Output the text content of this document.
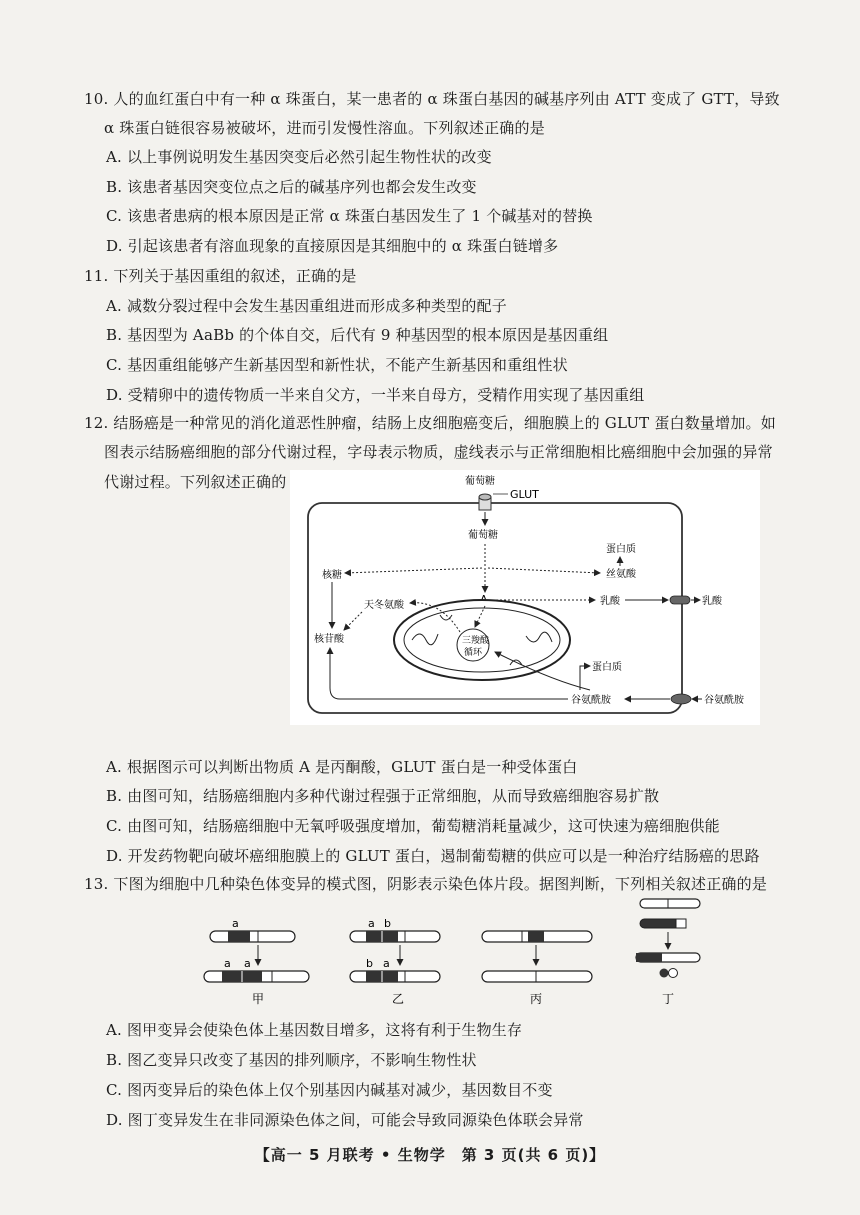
10. 人的血红蛋白中有一种 α 珠蛋白，某一患者的 α 珠蛋白基因的碱基序列由 ATT 变成了 GTT，导致
α 珠蛋白链很容易被破坏，进而引发慢性溶血。下列叙述正确的是
A. 以上事例说明发生基因突变后必然引起生物性状的改变
B. 该患者基因突变位点之后的碱基序列也都会发生改变
C. 该患者患病的根本原因是正常 α 珠蛋白基因发生了 1 个碱基对的替换
D. 引起该患者有溶血现象的直接原因是其细胞中的 α 珠蛋白链增多
11. 下列关于基因重组的叙述，正确的是
A. 减数分裂过程中会发生基因重组进而形成多种类型的配子
B. 基因型为 AaBb 的个体自交，后代有 9 种基因型的根本原因是基因重组
C. 基因重组能够产生新基因型和新性状，不能产生新基因和重组性状
D. 受精卵中的遗传物质一半来自父方，一半来自母方，受精作用实现了基因重组
12. 结肠癌是一种常见的消化道恶性肿瘤，结肠上皮细胞癌变后，细胞膜上的 GLUT 蛋白数量增加。如
图表示结肠癌细胞的部分代谢过程，字母表示物质，虚线表示与正常细胞相比癌细胞中会加强的异常
代谢过程。下列叙述正确的	葡萄糖
GLUT
葡萄糖
核糖	丝氨酸
蛋白质
乳酸	乳酸
核苷酸
天冬氨酸
三羧酸
循环
谷氨酰胺
谷氨酰胺
蛋白质
A. 根据图示可以判断出物质 A 是丙酮酸，GLUT 蛋白是一种受体蛋白
B. 由图可知，结肠癌细胞内多种代谢过程强于正常细胞，从而导致癌细胞容易扩散
C. 由图可知，结肠癌细胞中无氧呼吸强度增加，葡萄糖消耗量减少，这可快速为癌细胞供能
D. 开发药物靶向破坏癌细胞膜上的 GLUT 蛋白，遏制葡萄糖的供应可以是一种治疗结肠癌的思路
13. 下图为细胞中几种染色体变异的模式图，阴影表示染色体片段。据图判断，下列相关叙述正确的是
a
a a
甲
a b
b a
乙	丙	丁
A. 图甲变异会使染色体上基因数目增多，这将有利于生物生存
B. 图乙变异只改变了基因的排列顺序，不影响生物性状
C. 图丙变异后的染色体上仅个别基因内碱基对减少，基因数目不变
D. 图丁变异发生在非同源染色体之间，可能会导致同源染色体联会异常
【高一 5 月联考 • 生物学　第 3 页(共 6 页)】
